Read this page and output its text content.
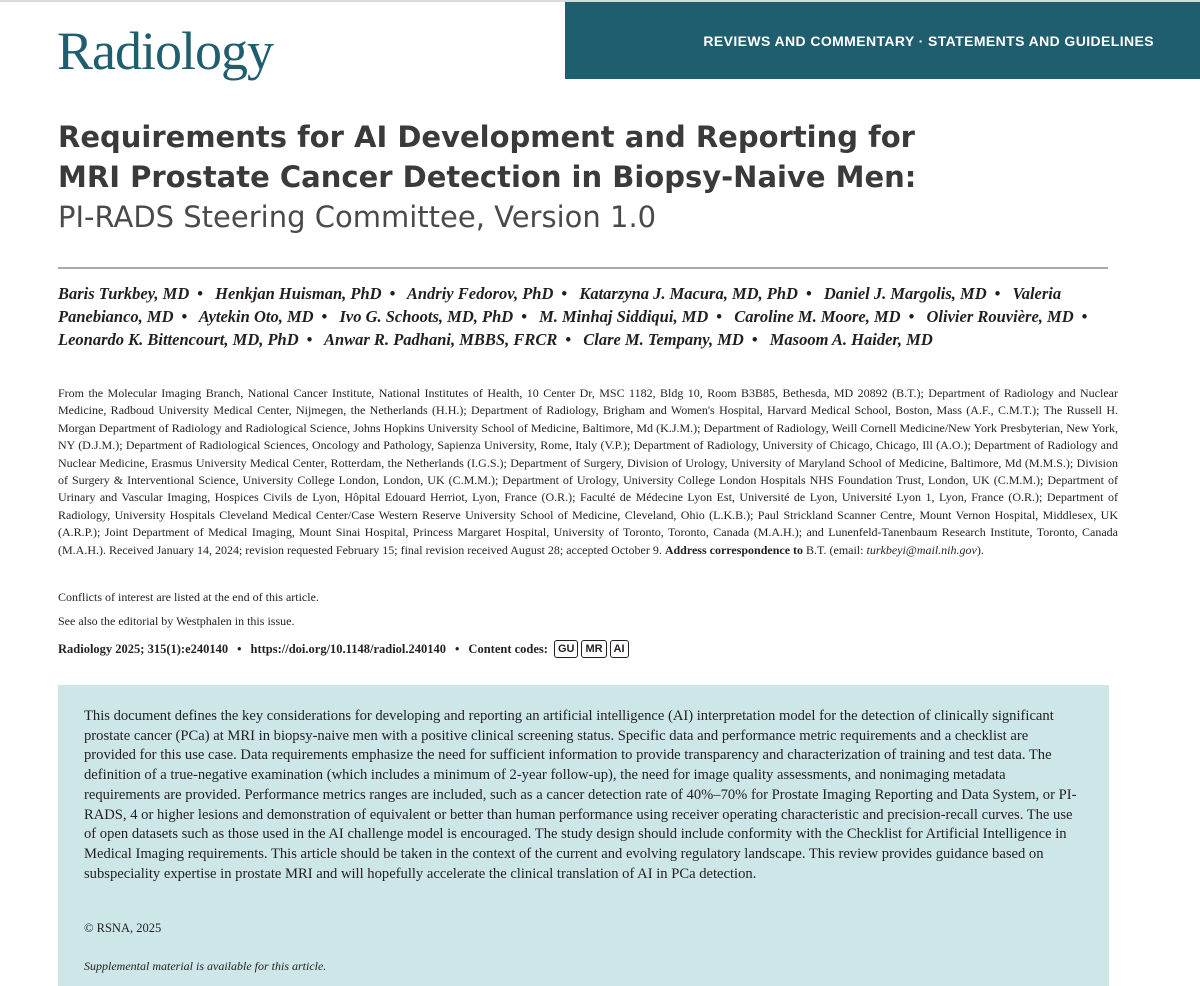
REVIEWS AND COMMENTARY · STATEMENTS AND GUIDELINES
Radiology
Requirements for AI Development and Reporting for
MRI Prostate Cancer Detection in Biopsy-Naive Men:
PI-RADS Steering Committee, Version 1.0
Baris Turkbey, MD • Henkjan Huisman, PhD • Andriy Fedorov, PhD • Katarzyna J. Macura, MD, PhD • Daniel J. Margolis, MD • Valeria Panebianco, MD • Aytekin Oto, MD • Ivo G. Schoots, MD, PhD • M. Minhaj Siddiqui, MD • Caroline M. Moore, MD • Olivier Rouvière, MD • Leonardo K. Bittencourt, MD, PhD • Anwar R. Padhani, MBBS, FRCR • Clare M. Tempany, MD • Masoom A. Haider, MD
From the Molecular Imaging Branch, National Cancer Institute, National Institutes of Health, 10 Center Dr, MSC 1182, Bldg 10, Room B3B85, Bethesda, MD 20892 (B.T.); Department of Radiology and Nuclear Medicine, Radboud University Medical Center, Nijmegen, the Netherlands (H.H.); Department of Radiology, Brigham and Women's Hospital, Harvard Medical School, Boston, Mass (A.F., C.M.T.); The Russell H. Morgan Department of Radiology and Radiological Science, Johns Hopkins University School of Medicine, Baltimore, Md (K.J.M.); Department of Radiology, Weill Cornell Medicine/New York Presbyterian, New York, NY (D.J.M.); Department of Radiological Sciences, Oncology and Pathology, Sapienza University, Rome, Italy (V.P.); Department of Radiology, University of Chicago, Chicago, Ill (A.O.); Department of Radiology and Nuclear Medicine, Erasmus University Medical Center, Rotterdam, the Netherlands (I.G.S.); Department of Surgery, Division of Urology, University of Maryland School of Medicine, Baltimore, Md (M.M.S.); Division of Surgery & Interventional Science, University College London, London, UK (C.M.M.); Department of Urology, University College London Hospitals NHS Foundation Trust, London, UK (C.M.M.); Department of Urinary and Vascular Imaging, Hospices Civils de Lyon, Hôpital Edouard Herriot, Lyon, France (O.R.); Faculté de Médecine Lyon Est, Université de Lyon, Université Lyon 1, Lyon, France (O.R.); Department of Radiology, University Hospitals Cleveland Medical Center/Case Western Reserve University School of Medicine, Cleveland, Ohio (L.K.B.); Paul Strickland Scanner Centre, Mount Vernon Hospital, Middlesex, UK (A.R.P.); Joint Department of Medical Imaging, Mount Sinai Hospital, Princess Margaret Hospital, University of Toronto, Toronto, Canada (M.A.H.); and Lunenfeld-Tanenbaum Research Institute, Toronto, Canada (M.A.H.). Received January 14, 2024; revision requested February 15; final revision received August 28; accepted October 9. Address correspondence to B.T. (email: turkbeyi@mail.nih.gov).
Conflicts of interest are listed at the end of this article.
See also the editorial by Westphalen in this issue.
Radiology 2025; 315(1):e240140 • https://doi.org/10.1148/radiol.240140 • Content codes: GU	MR	AI
This document defines the key considerations for developing and reporting an artificial intelligence (AI) interpretation model for the detection of clinically significant prostate cancer (PCa) at MRI in biopsy-naive men with a positive clinical screening status. Specific data and performance metric requirements and a checklist are provided for this use case. Data requirements emphasize the need for sufficient information to provide transparency and characterization of training and test data. The definition of a true-negative examination (which includes a minimum of 2-year follow-up), the need for image quality assessments, and nonimaging metadata requirements are provided. Performance metrics ranges are included, such as a cancer detection rate of 40%–70% for Prostate Imaging Reporting and Data System, or PI-RADS, 4 or higher lesions and demonstration of equivalent or better than human performance using receiver operating characteristic and precision-recall curves. The use of open datasets such as those used in the AI challenge model is encouraged. The study design should include conformity with the Checklist for Artificial Intelligence in Medical Imaging requirements. This article should be taken in the context of the current and evolving regulatory landscape. This review provides guidance based on subspeciality expertise in prostate MRI and will hopefully accelerate the clinical translation of AI in PCa detection.
© RSNA, 2025
Supplemental material is available for this article.
